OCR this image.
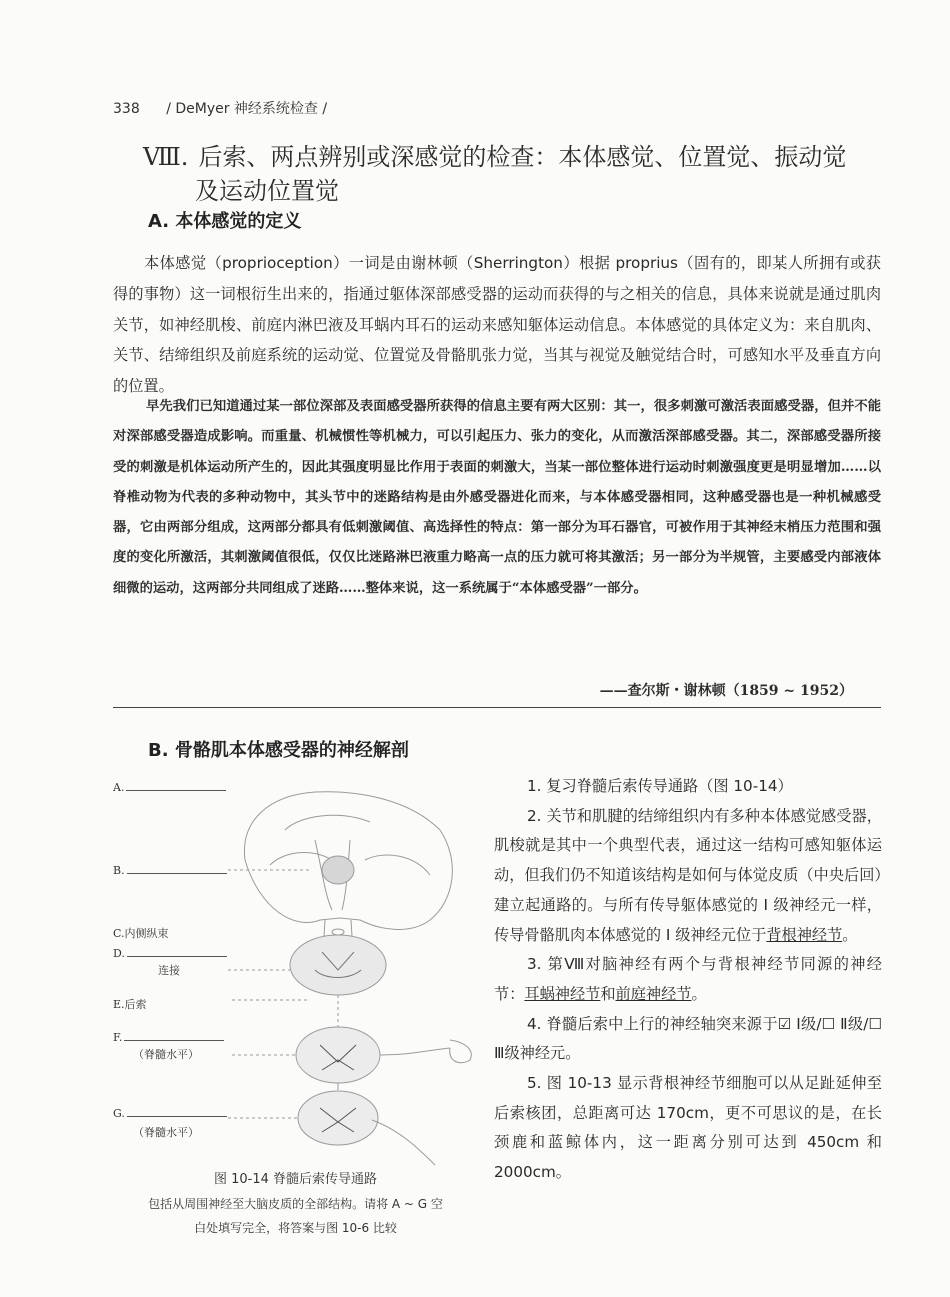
338 / DeMyer 神经系统检查 /
Ⅷ. 后索、两点辨别或深感觉的检查：本体感觉、位置觉、振动觉
及运动位置觉
A. 本体感觉的定义
本体感觉（proprioception）一词是由谢林顿（Sherrington）根据 proprius（固有的，即某人所拥有或获得的事物）这一词根衍生出来的，指通过躯体深部感受器的运动而获得的与之相关的信息，具体来说就是通过肌肉关节，如神经肌梭、前庭内淋巴液及耳蜗内耳石的运动来感知躯体运动信息。本体感觉的具体定义为：来自肌肉、关节、结缔组织及前庭系统的运动觉、位置觉及骨骼肌张力觉，当其与视觉及触觉结合时，可感知水平及垂直方向的位置。
早先我们已知道通过某一部位深部及表面感受器所获得的信息主要有两大区别：其一，很多刺激可激活表面感受器，但并不能对深部感受器造成影响。而重量、机械惯性等机械力，可以引起压力、张力的变化，从而激活深部感受器。其二，深部感受器所接受的刺激是机体运动所产生的，因此其强度明显比作用于表面的刺激大，当某一部位整体进行运动时刺激强度更是明显增加……以脊椎动物为代表的多种动物中，其头节中的迷路结构是由外感受器进化而来，与本体感受器相同，这种感受器也是一种机械感受器，它由两部分组成，这两部分都具有低刺激阈值、高选择性的特点：第一部分为耳石器官，可被作用于其神经末梢压力范围和强度的变化所激活，其刺激阈值很低，仅仅比迷路淋巴液重力略高一点的压力就可将其激活；另一部分为半规管，主要感受内部液体细微的运动，这两部分共同组成了迷路……整体来说，这一系统属于“本体感受器”一部分。
——查尔斯・谢林顿（1859 ~ 1952）
B. 骨骼肌本体感受器的神经解剖
A.
B.
C.内侧纵束
D.
连接
E.后索
F.
（脊髓水平）
G.
（脊髓水平）
图 10-14 脊髓后索传导通路
包括从周围神经至大脑皮质的全部结构。请将 A ~ G 空
白处填写完全，将答案与图 10-6 比较

1. 复习脊髓后索传导通路（图 10-14）

2. 关节和肌腱的结缔组织内有多种本体感觉感受器，肌梭就是其中一个典型代表，通过这一结构可感知躯体运动，但我们仍不知道该结构是如何与体觉皮质（中央后回）建立起通路的。与所有传导躯体感觉的 Ⅰ 级神经元一样，传导骨骼肌肉本体感觉的 Ⅰ 级神经元位于背根神经节。

3. 第Ⅷ对脑神经有两个与背根神经节同源的神经节：耳蜗神经节和前庭神经节。

4. 脊髓后索中上行的神经轴突来源于☑ Ⅰ级/☐ Ⅱ级/☐ Ⅲ级神经元。

5. 图 10-13 显示背根神经节细胞可以从足趾延伸至后索核团，总距离可达 170cm，更不可思议的是，在长颈鹿和蓝鲸体内，这一距离分别可达到 450cm 和 2000cm。
